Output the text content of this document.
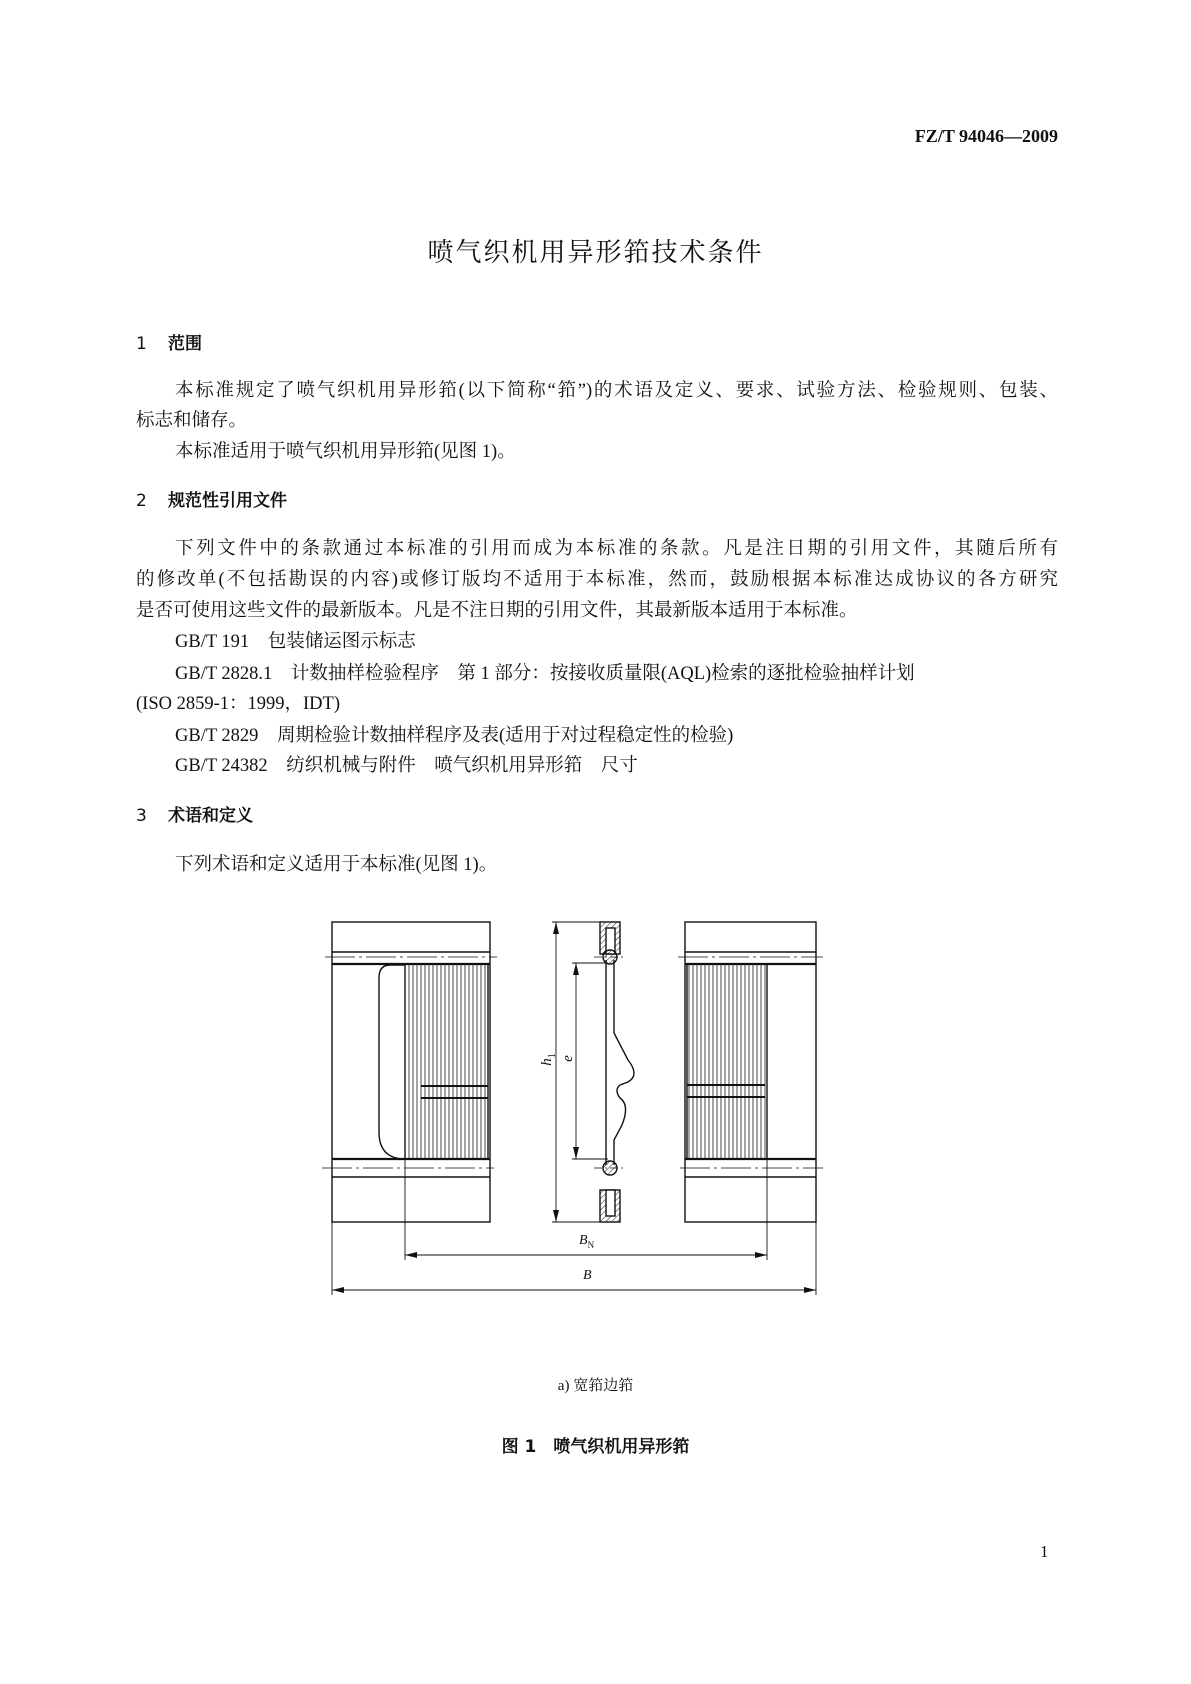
FZ/T 94046—2009
喷气织机用异形筘技术条件
1 范围
本标准规定了喷气织机用异形筘(以下简称“筘”)的术语及定义、要求、试验方法、检验规则、包装、
标志和储存。
本标准适用于喷气织机用异形筘(见图 1)。
2 规范性引用文件
下列文件中的条款通过本标准的引用而成为本标准的条款。凡是注日期的引用文件，其随后所有
的修改单(不包括勘误的内容)或修订版均不适用于本标准，然而，鼓励根据本标准达成协议的各方研究
是否可使用这些文件的最新版本。凡是不注日期的引用文件，其最新版本适用于本标准。
GB/T 191　 包装储运图示标志
GB/T 2828.1　 计数抽样检验程序　第 1 部分：按接收质量限(AQL)检索的逐批检验抽样计划
(ISO 2859-1：1999，IDT)
GB/T 2829　 周期检验计数抽样程序及表(适用于对过程稳定性的检验)
GB/T 24382　 纺织机械与附件　喷气织机用异形筘　尺寸
3 术语和定义
下列术语和定义适用于本标准(见图 1)。
$h_1$ e
$B_N$
B
a) 宽筘边筘
图 1　喷气织机用异形筘
1
